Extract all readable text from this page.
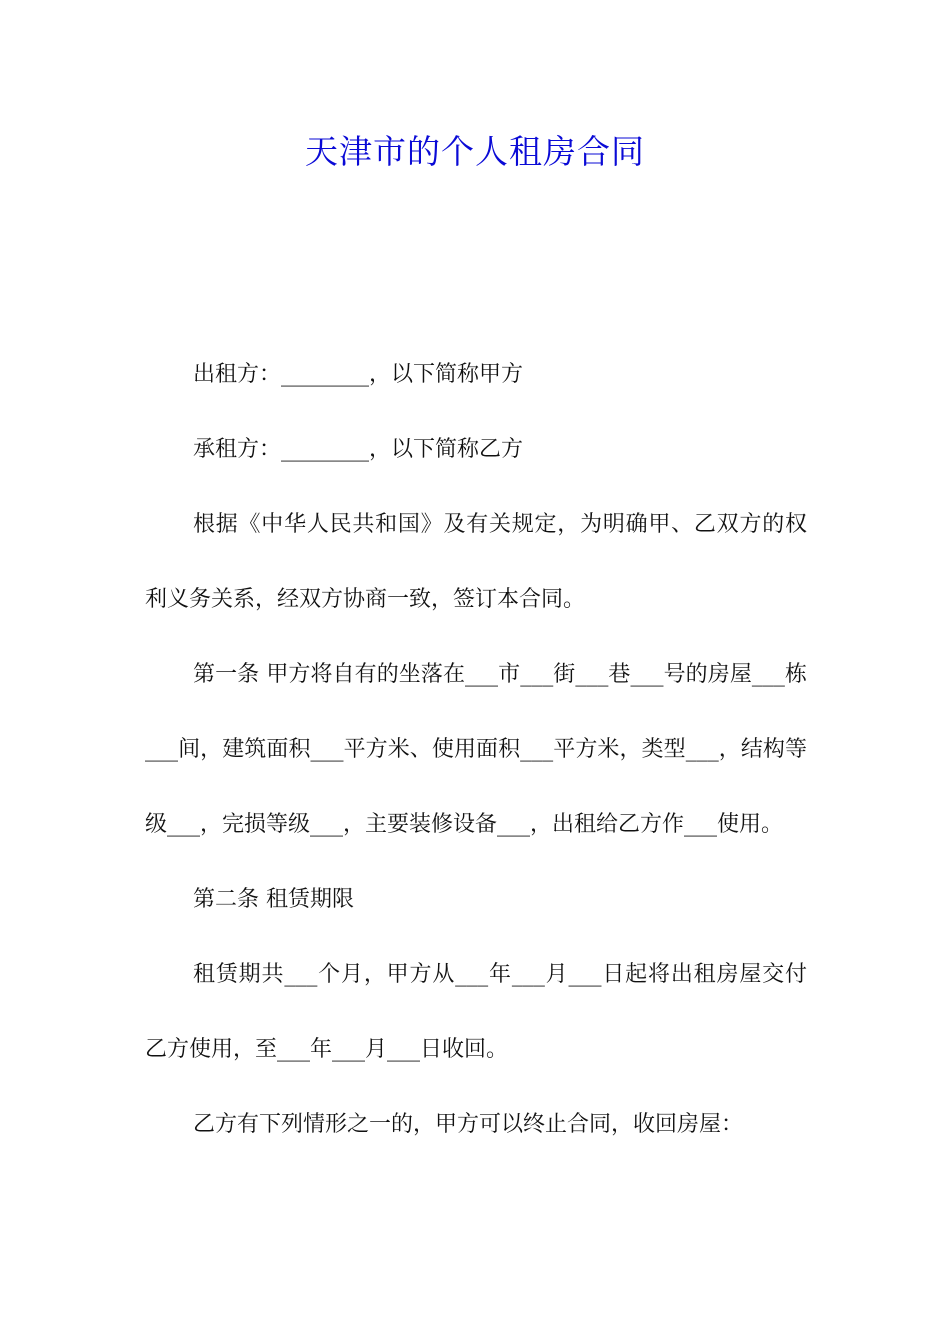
天津市的个人租房合同

出租方：________，以下简称甲方

承租方：________，以下简称乙方

根据《中华人民共和国》及有关规定，为明确甲、乙双方的权利义务关系，经双方协商一致，签订本合同。

第一条 甲方将自有的坐落在___市___街___巷___号的房屋___栋___间，建筑面积___平方米、使用面积___平方米，类型___，结构等级___，完损等级___，主要装修设备___，出租给乙方作___使用。

第二条 租赁期限

租赁期共___个月，甲方从___年___月___日起将出租房屋交付乙方使用，至___年___月___日收回。

乙方有下列情形之一的，甲方可以终止合同，收回房屋：
